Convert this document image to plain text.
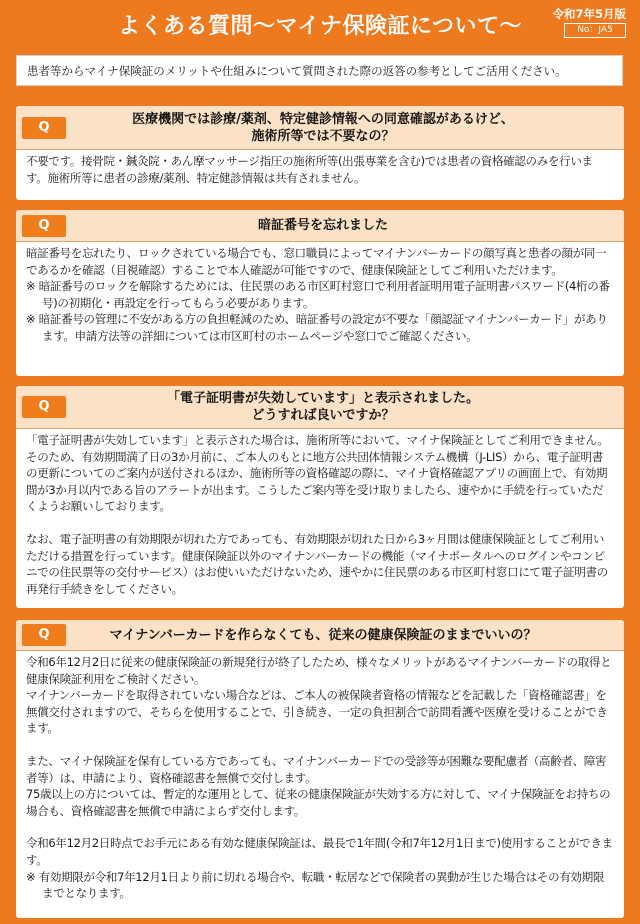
よくある質問～マイナ保険証について～	令和7年5月版
No：JA5
患者等からマイナ保険証のメリットや仕組みについて質問された際の返答の参考としてご活用ください。
Q
医療機関では診療/薬剤、特定健診情報への同意確認があるけど、
施術所等では不要なの？

不要です。接骨院・鍼灸院・あん摩マッサージ指圧の施術所等(出張専業を含む)では患者の資格確認のみを行います。施術所等に患者の診療/薬剤、特定健診情報は共有されません。

Q	暗証番号を忘れました

暗証番号を忘れたり、ロックされている場合でも、窓口職員によってマイナンバーカードの顔写真と患者の顔が同一であるかを確認（目視確認）することで本人確認が可能ですので、健康保険証としてご利用いただけます。

※ 暗証番号のロックを解除するためには、住民票のある市区町村窓口で利用者証明用電子証明書パスワード(4桁の番号)の初期化・再設定を行ってもらう必要があります。

※ 暗証番号の管理に不安がある方の負担軽減のため、暗証番号の設定が不要な「顔認証マイナンバーカード」があります。申請方法等の詳細については市区町村のホームページや窓口でご確認ください。

Q
「電子証明書が失効しています」と表示されました。
どうすれば良いですか？

「電子証明書が失効しています」と表示された場合は、施術所等において、マイナ保険証としてご利用できません。そのため、有効期間満了日の3か月前に、ご本人のもとに地方公共団体情報システム機構（J-LIS）から、電子証明書の更新についてのご案内が送付されるほか、施術所等の資格確認の際に、マイナ資格確認アプリの画面上で、有効期間が3か月以内である旨のアラートが出ます。こうしたご案内等を受け取りましたら、速やかに手続を行っていただくようお願いしております。

なお、電子証明書の有効期限が切れた方であっても、有効期限が切れた日から3ヶ月間は健康保険証としてご利用いただける措置を行っています。健康保険証以外のマイナンバーカードの機能（マイナポータルへのログインやコンビニでの住民票等の交付サービス）はお使いいただけないため、速やかに住民票のある市区町村窓口にて電子証明書の再発行手続きをしてください。

Q	マイナンバーカードを作らなくても、従来の健康保険証のままでいいの？

令和6年12月2日に従来の健康保険証の新規発行が終了したため、様々なメリットがあるマイナンバーカードの取得と健康保険証利用をご検討ください。

マイナンバーカードを取得されていない場合などは、ご本人の被保険者資格の情報などを記載した「資格確認書」を無償交付されますので、そちらを使用することで、引き続き、一定の負担割合で訪問看護や医療を受けることができます。

また、マイナ保険証を保有している方であっても、マイナンバーカードでの受診等が困難な要配慮者（高齢者、障害者等）は、申請により、資格確認書を無償で交付します。

75歳以上の方については、暫定的な運用として、従来の健康保険証が失効する方に対して、マイナ保険証をお持ちの場合も、資格確認書を無償で申請によらず交付します。

令和6年12月2日時点でお手元にある有効な健康保険証は、最長で1年間(令和7年12月1日まで)使用することができます。

※ 有効期限が令和7年12月1日より前に切れる場合や、転職・転居などで保険者の異動が生じた場合はその有効期限までとなります。
